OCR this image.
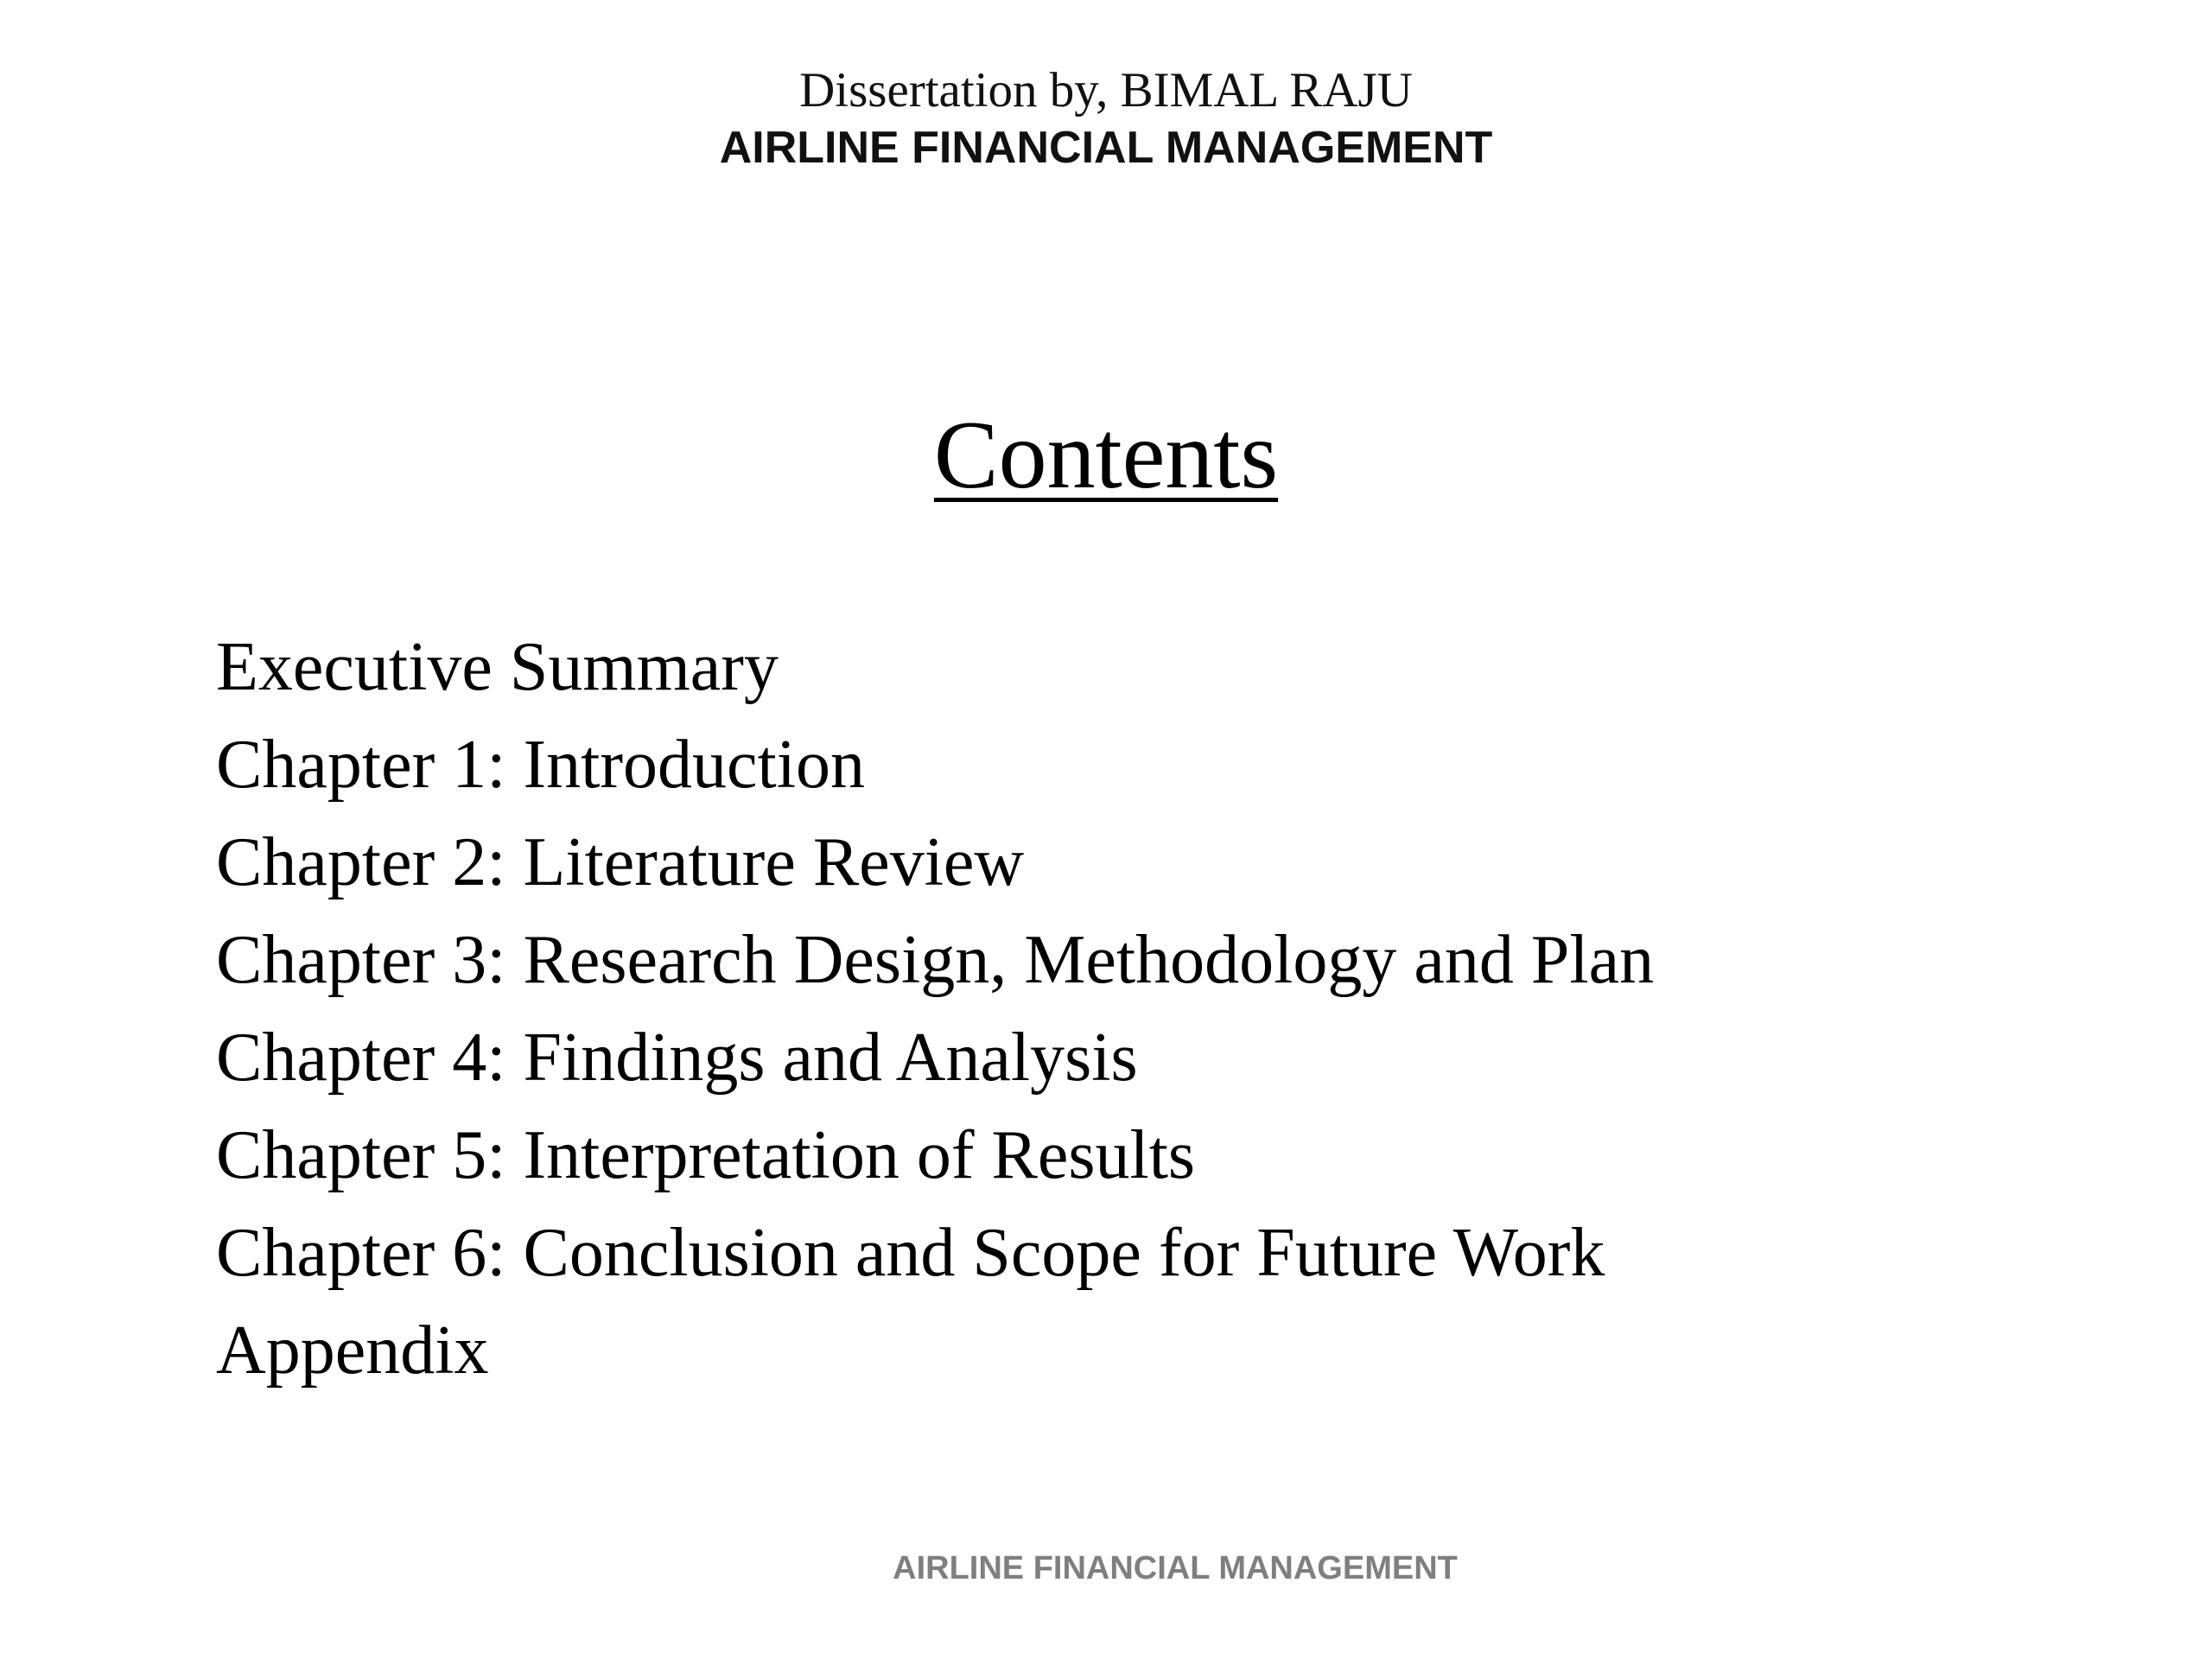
Dissertation by, BIMAL RAJU
AIRLINE FINANCIAL MANAGEMENT
Contents
Executive Summary
Chapter 1: Introduction
Chapter 2: Literature Review
Chapter 3: Research Design, Methodology and Plan
Chapter 4: Findings and Analysis
Chapter 5: Interpretation of Results
Chapter 6: Conclusion and Scope for Future Work
Appendix
AIRLINE FINANCIAL MANAGEMENT
